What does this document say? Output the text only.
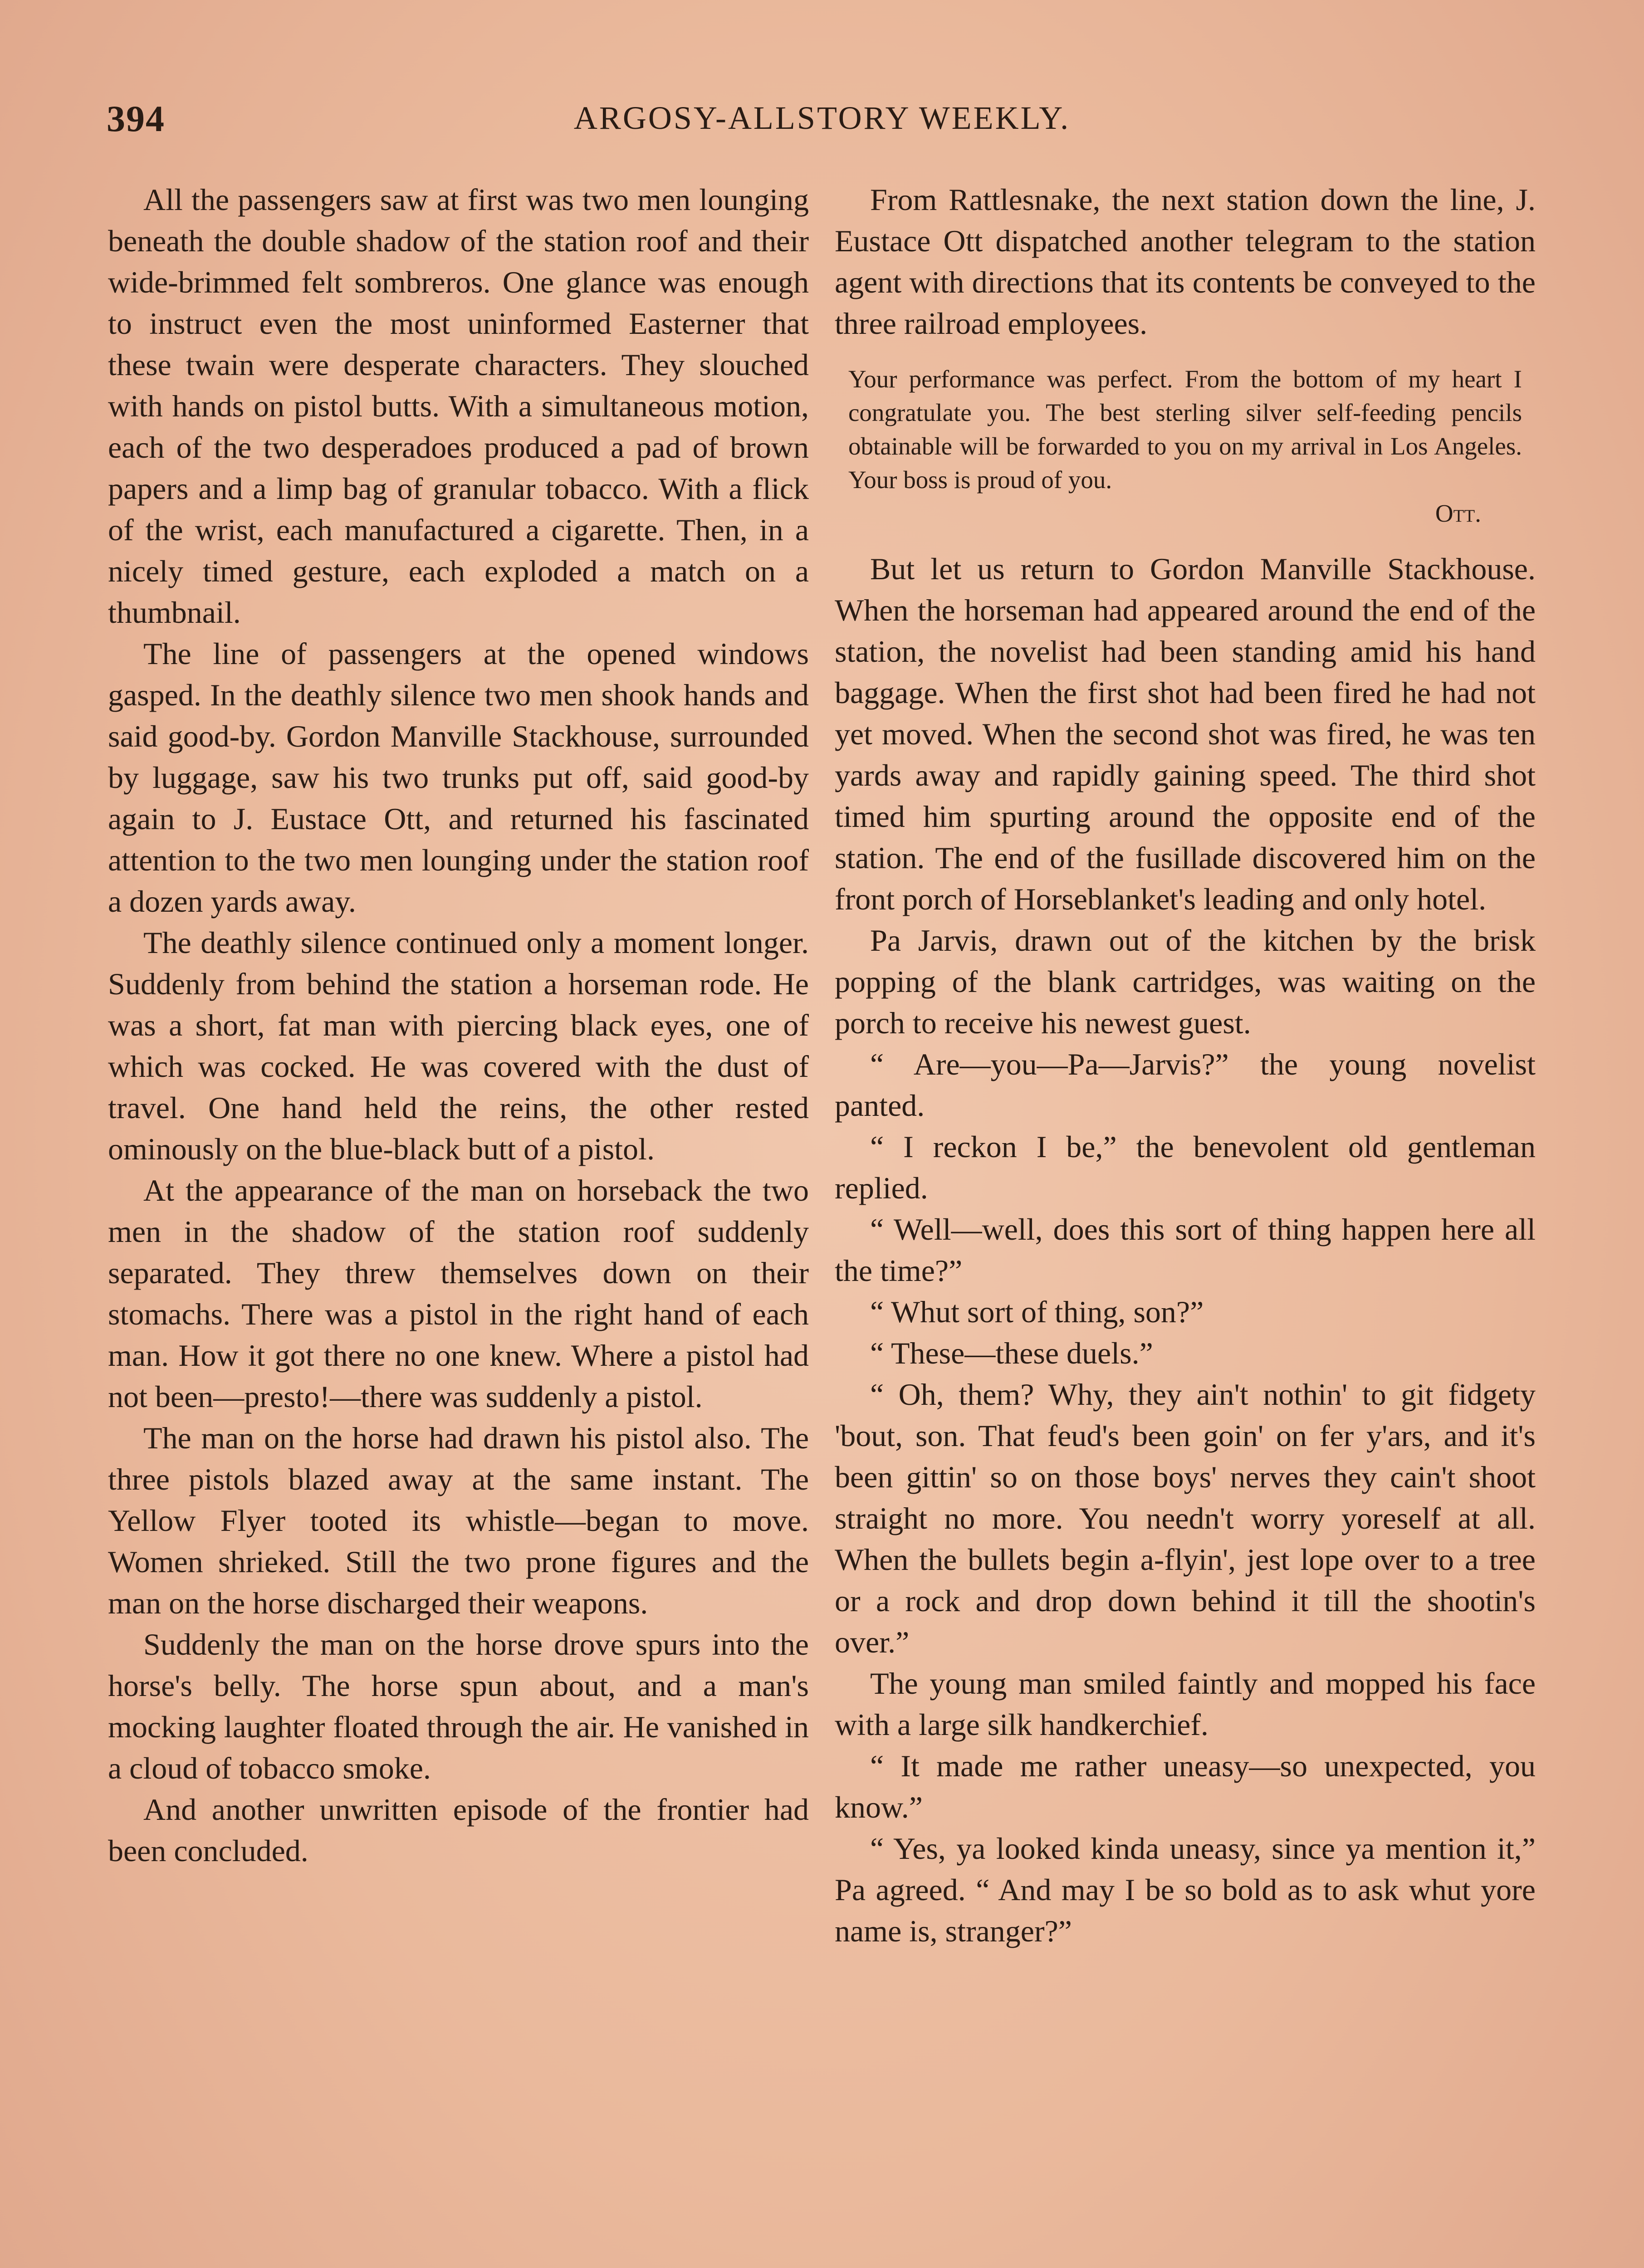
394	ARGOSY-ALLSTORY WEEKLY.

All the passengers saw at first was two men lounging beneath the double shadow of the station roof and their wide-brimmed felt sombreros. One glance was enough to instruct even the most uninformed Easterner that these twain were desperate characters. They slouched with hands on pistol butts. With a simultaneous motion, each of the two desperadoes produced a pad of brown papers and a limp bag of granular tobacco. With a flick of the wrist, each manufactured a cigarette. Then, in a nicely timed gesture, each exploded a match on a thumbnail.

The line of passengers at the opened windows gasped. In the deathly silence two men shook hands and said good-by. Gordon Manville Stackhouse, surrounded by luggage, saw his two trunks put off, said good-by again to J. Eustace Ott, and returned his fascinated attention to the two men lounging under the station roof a dozen yards away.

The deathly silence continued only a moment longer. Suddenly from behind the station a horseman rode. He was a short, fat man with piercing black eyes, one of which was cocked. He was covered with the dust of travel. One hand held the reins, the other rested ominously on the blue-black butt of a pistol.

At the appearance of the man on horseback the two men in the shadow of the station roof suddenly separated. They threw themselves down on their stomachs. There was a pistol in the right hand of each man. How it got there no one knew. Where a pistol had not been—presto!—there was suddenly a pistol.

The man on the horse had drawn his pistol also. The three pistols blazed away at the same instant. The Yellow Flyer tooted its whistle—began to move. Women shrieked. Still the two prone figures and the man on the horse discharged their weapons.

Suddenly the man on the horse drove spurs into the horse's belly. The horse spun about, and a man's mocking laughter floated through the air. He vanished in a cloud of tobacco smoke.

And another unwritten episode of the frontier had been concluded.

From Rattlesnake, the next station down the line, J. Eustace Ott dispatched another telegram to the station agent with directions that its contents be conveyed to the three railroad employees.

Your performance was perfect. From the bottom of my heart I congratulate you. The best sterling silver self-feeding pencils obtainable will be forwarded to you on my arrival in Los Angeles. Your boss is proud of you.
Ott.

But let us return to Gordon Manville Stackhouse. When the horseman had appeared around the end of the station, the novelist had been standing amid his hand baggage. When the first shot had been fired he had not yet moved. When the second shot was fired, he was ten yards away and rapidly gaining speed. The third shot timed him spurting around the opposite end of the station. The end of the fusillade discovered him on the front porch of Horseblanket's leading and only hotel.

Pa Jarvis, drawn out of the kitchen by the brisk popping of the blank cartridges, was waiting on the porch to receive his newest guest.

“ Are—you—Pa—Jarvis?” the young novelist panted.

“ I reckon I be,” the benevolent old gentleman replied.

“ Well—well, does this sort of thing happen here all the time?”

“ Whut sort of thing, son?”

“ These—these duels.”

“ Oh, them? Why, they ain't nothin' to git fidgety 'bout, son. That feud's been goin' on fer y'ars, and it's been gittin' so on those boys' nerves they cain't shoot straight no more. You needn't worry yoreself at all. When the bullets begin a-flyin', jest lope over to a tree or a rock and drop down behind it till the shootin's over.”

The young man smiled faintly and mopped his face with a large silk handkerchief.

“ It made me rather uneasy—so unexpected, you know.”

“ Yes, ya looked kinda uneasy, since ya mention it,” Pa agreed. “ And may I be so bold as to ask whut yore name is, stranger?”
